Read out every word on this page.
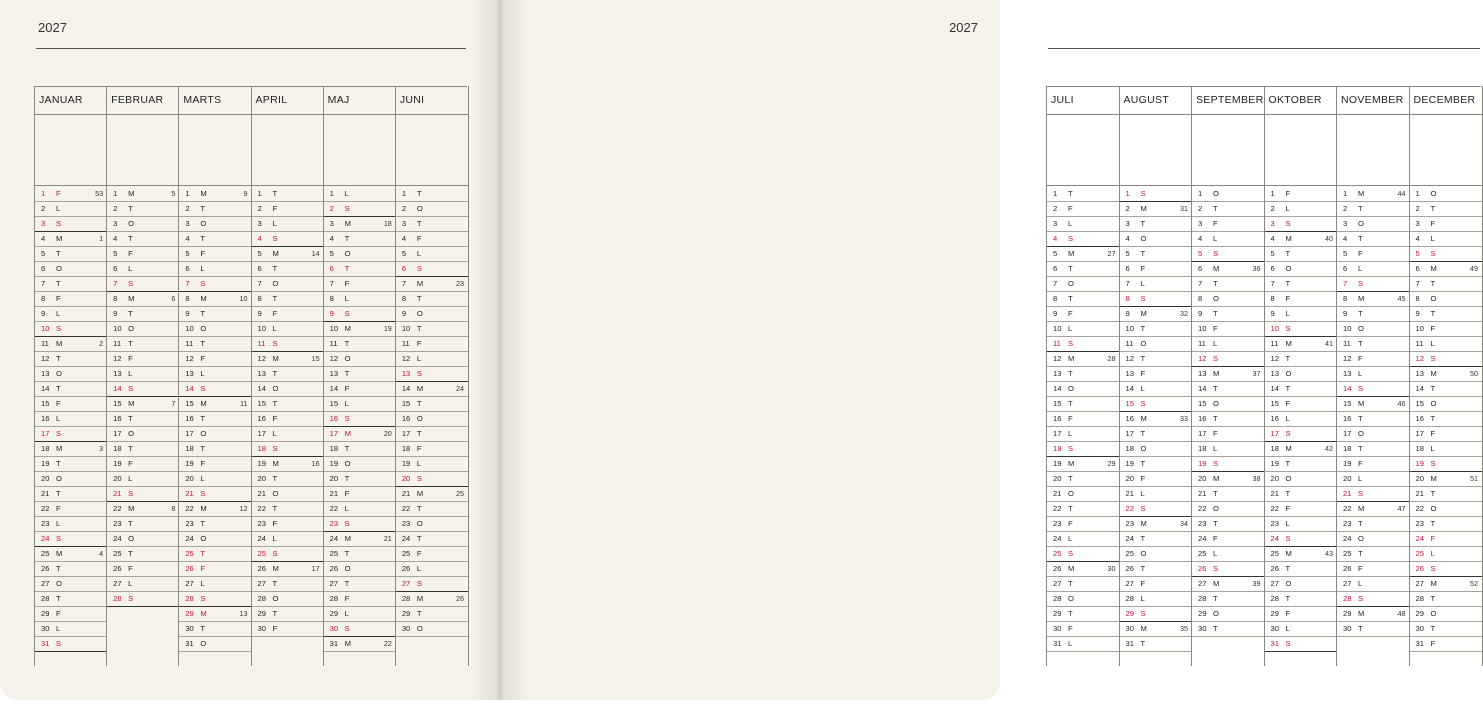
2027
JANUAR
1 F	53
2 L
3 S
4 M	1
5 T
6 O
7 T
8 F
9 L
10 S
11 M	2
12 T
13 O
14 T
15 F
16 L
17 S
18 M	3
19 T
20 O
21 T
22 F
23 L
24 S
25 M	4
26 T
27 O
28 T
29 F
30 L
31 S
FEBRUAR
1 M	5
2 T
3 O
4 T
5 F
6 L
7 S
8 M	6
9 T
10 O
11 T
12 F
13 L
14 S
15 M	7
16 T
17 O
18 T
19 F
20 L
21 S
22 M	8
23 T
24 O
25 T
26 F
27 L
28 S
MARTS
1 M	9
2 T
3 O
4 T
5 F
6 L
7 S
8 M	10
9 T
10 O
11 T
12 F
13 L
14 S
15 M	11
16 T
17 O
18 T
19 F
20 L
21 S
22 M	12
23 T
24 O
25 T
26 F
27 L
28 S
29 M	13
30 T
31 O
APRIL
1 T
2 F
3 L
4 S
5 M	14
6 T
7 O
8 T
9 F
10 L
11 S
12 M	15
13 T
14 O
15 T
16 F
17 L
18 S
19 M	16
20 T
21 O
22 T
23 F
24 L
25 S
26 M	17
27 T
28 O
29 T
30 F
MAJ
1 L
2 S
3 M	18
4 T
5 O
6 T
7 F
8 L
9 S
10 M	19
11 T
12 O
13 T
14 F
15 L
16 S
17 M	20
18 T
19 O
20 T
21 F
22 L
23 S
24 M	21
25 T
26 O
27 T
28 F
29 L
30 S
31 M	22
JUNI
1 T
2 O
3 T
4 F
5 L
6 S
7 M	23
8 T
9 O
10 T
11 F
12 L
13 S
14 M	24
15 T
16 O
17 T
18 F
19 L
20 S
21 M	25
22 T
23 O
24 T
25 F
26 L
27 S
28 M	26
29 T
30 O
2027
JULI
1 T
2 F
3 L
4 S
5 M	27
6 T
7 O
8 T
9 F
10 L
11 S
12 M	28
13 T
14 O
15 T
16 F
17 L
18 S
19 M	29
20 T
21 O
22 T
23 F
24 L
25 S
26 M	30
27 T
28 O
29 T
30 F
31 L
AUGUST
1 S
2 M	31
3 T
4 O
5 T
6 F
7 L
8 S
9 M	32
10 T
11 O
12 T
13 F
14 L
15 S
16 M	33
17 T
18 O
19 T
20 F
21 L
22 S
23 M	34
24 T
25 O
26 T
27 F
28 L
29 S
30 M	35
31 T
SEPTEMBER
1 O
2 T
3 F
4 L
5 S
6 M	36
7 T
8 O
9 T
10 F
11 L
12 S
13 M	37
14 T
15 O
16 T
17 F
18 L
19 S
20 M	38
21 T
22 O
23 T
24 F
25 L
26 S
27 M	39
28 T
29 O
30 T
OKTOBER
1 F
2 L
3 S
4 M	40
5 T
6 O
7 T
8 F
9 L
10 S
11 M	41
12 T
13 O
14 T
15 F
16 L
17 S
18 M	42
19 T
20 O
21 T
22 F
23 L
24 S
25 M	43
26 T
27 O
28 T
29 F
30 L
31 S
NOVEMBER
1 M	44
2 T
3 O
4 T
5 F
6 L
7 S
8 M	45
9 T
10 O
11 T
12 F
13 L
14 S
15 M	46
16 T
17 O
18 T
19 F
20 L
21 S
22 M	47
23 T
24 O
25 T
26 F
27 L
28 S
29 M	48
30 T
DECEMBER
1 O
2 T
3 F
4 L
5 S
6 M	49
7 T
8 O
9 T
10 F
11 L
12 S
13 M	50
14 T
15 O
16 T
17 F
18 L
19 S
20 M	51
21 T
22 O
23 T
24 F
25 L
26 S
27 M	52
28 T
29 O
30 T
31 F
